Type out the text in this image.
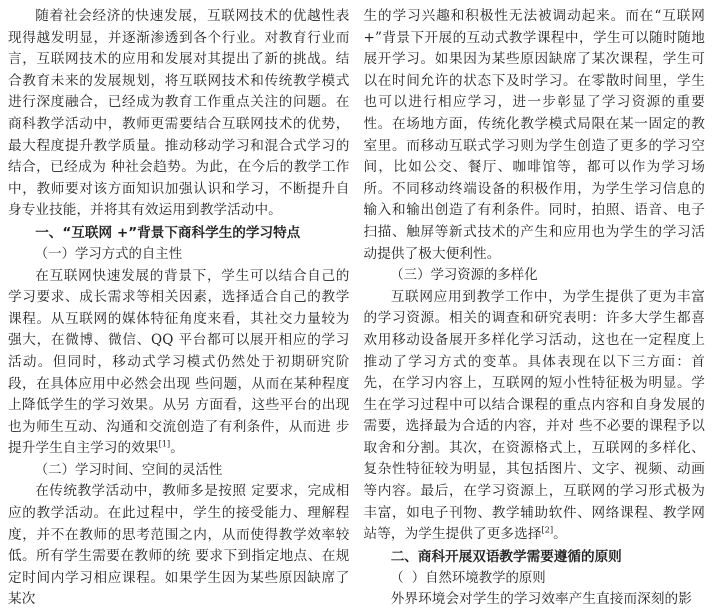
随着社会经济的快速发展，互联网技术的优越性表现得越发明显，并逐渐渗透到各个行业。对教育行业而言，互联网技术的应用和发展对其提出了新的挑战。结合教育未来的发展规划，将互联网技术和传统教学模式进行深度融合，已经成为教育工作重点关注的问题。在商科教学活动中，教师更需要结合互联网技术的优势，最大程度提升教学质量。推动移动学习和混合式学习的结合，已经成为 种社会趋势。为此，在今后的教学工作中，教师要对该方面知识加强认识和学习，不断提升自身专业技能，并将其有效运用到教学活动中。

一、“互联网 +”背景下商科学生的学习特点
（一）学习方式的自主性

在互联网快速发展的背景下，学生可以结合自己的学习要求、成长需求等相关因素，选择适合自己的教学课程。从互联网的媒体特征角度来看，其社交力量较为强大，在微博、微信、QQ 平台都可以展开相应的学习活动。但同时，移动式学习模式仍然处于初期研究阶段，在具体应用中必然会出现 些问题，从而在某种程度上降低学生的学习效果。从另 方面看，这些平台的出现也为师生互动、沟通和交流创造了有利条件，从而进 步提升学生自主学习的效果[1]。

（二）学习时间、空间的灵活性

在传统教学活动中，教师多是按照 定要求，完成相应的教学活动。在此过程中，学生的接受能力、理解程度，并不在教师的思考范围之内，从而使得教学效率较低。所有学生需要在教师的统 要求下到指定地点、在规定时间内学习相应课程。如果学生因为某些原因缺席了某次

生的学习兴趣和积极性无法被调动起来。而在“互联网+”背景下开展的互动式教学课程中，学生可以随时随地展开学习。如果因为某些原因缺席了某次课程，学生可以在时间允许的状态下及时学习。在零散时间里，学生也可以进行相应学习，进一步彰显了学习资源的重要性。在场地方面，传统化教学模式局限在某一固定的教室里。而移动互联式学习则为学生创造了更多的学习空间，比如公交、餐厅、咖啡馆等，都可以作为学习场所。不同移动终端设备的积极作用，为学生学习信息的输入和输出创造了有利条件。同时，拍照、语音、电子扫描、触屏等新式技术的产生和应用也为学生的学习活动提供了极大便利性。

（三）学习资源的多样化

互联网应用到教学工作中，为学生提供了更为丰富的学习资源。相关的调查和研究表明：许多大学生都喜欢用移动设备展开多样化学习活动，这也在一定程度上推动了学习方式的变革。具体表现在以下三方面：首先，在学习内容上，互联网的短小性特征极为明显。学生在学习过程中可以结合课程的重点内容和自身发展的需要，选择最为合适的内容，并对 些不必要的课程予以取舍和分割。其次，在资源格式上，互联网的多样化、复杂性特征较为明显，其包括图片、文字、视频、动画等内容。最后，在学习资源上，互联网的学习形式极为丰富，如电子刊物、教学辅助软件、网络课程、教学网站等，为学生提供了更多选择[2]。

二、商科开展双语教学需要遵循的原则
（ ）自然环境教学的原则

外界环境会对学生的学习效率产生直接而深刻的影
